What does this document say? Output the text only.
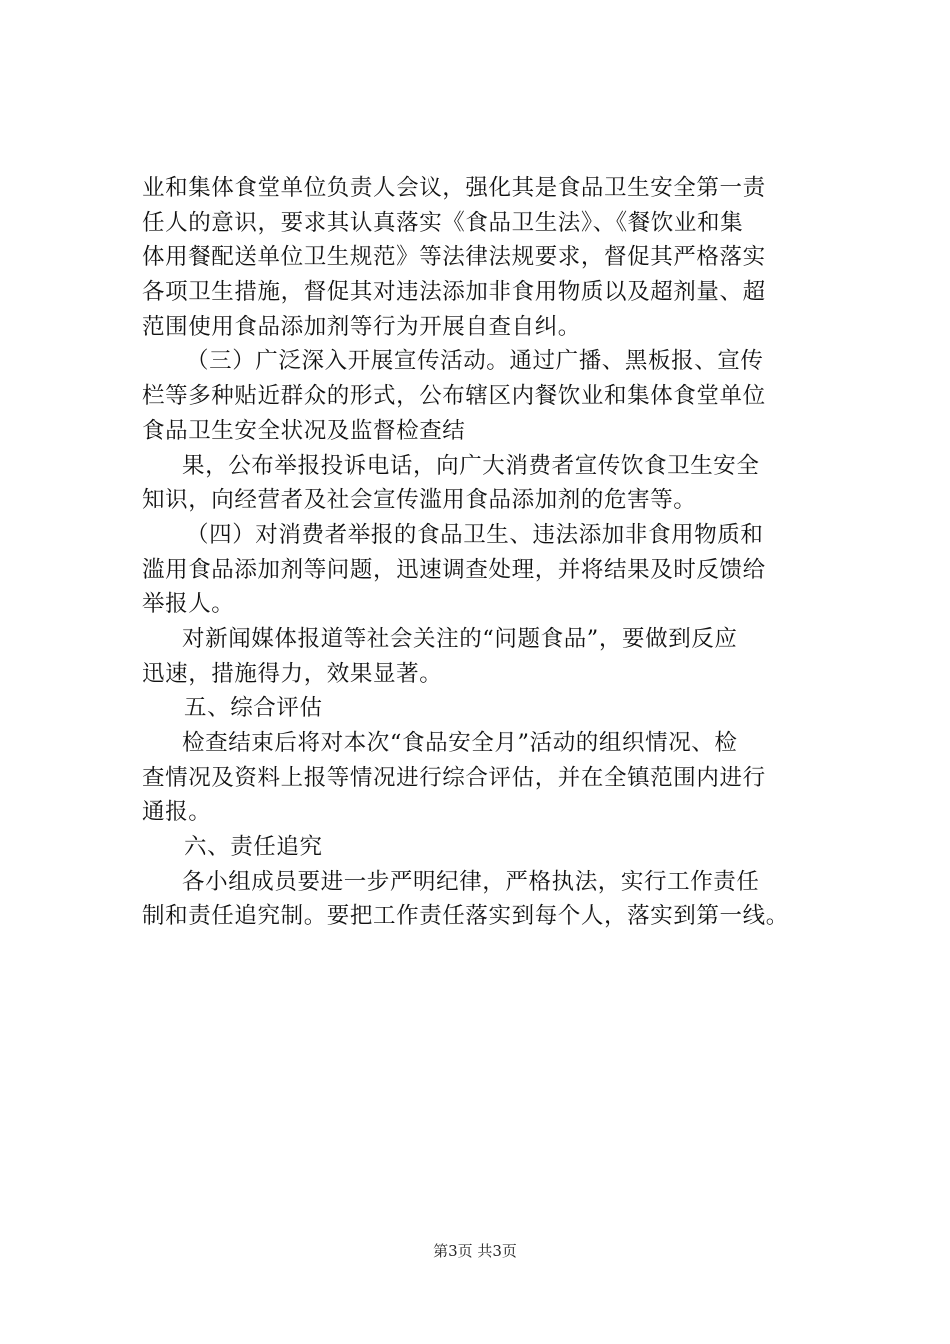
业和集体食堂单位负责人会议，强化其是食品卫生安全第一责
任人的意识，要求其认真落实《食品卫生法》、《餐饮业和集
体用餐配送单位卫生规范》等法律法规要求，督促其严格落实
各项卫生措施，督促其对违法添加非食用物质以及超剂量、超
范围使用食品添加剂等行为开展自查自纠。
（三）广泛深入开展宣传活动。通过广播、黑板报、宣传
栏等多种贴近群众的形式，公布辖区内餐饮业和集体食堂单位
食品卫生安全状况及监督检查结
果，公布举报投诉电话，向广大消费者宣传饮食卫生安全
知识，向经营者及社会宣传滥用食品添加剂的危害等。
（四）对消费者举报的食品卫生、违法添加非食用物质和
滥用食品添加剂等问题，迅速调查处理，并将结果及时反馈给
举报人。
对新闻媒体报道等社会关注的“问题食品”，要做到反应
迅速，措施得力，效果显著。
五、综合评估
检查结束后将对本次“食品安全月”活动的组织情况、检
查情况及资料上报等情况进行综合评估，并在全镇范围内进行
通报。
六、责任追究
各小组成员要进一步严明纪律，严格执法，实行工作责任
制和责任追究制。要把工作责任落实到每个人，落实到第一线。
第3页 共3页
